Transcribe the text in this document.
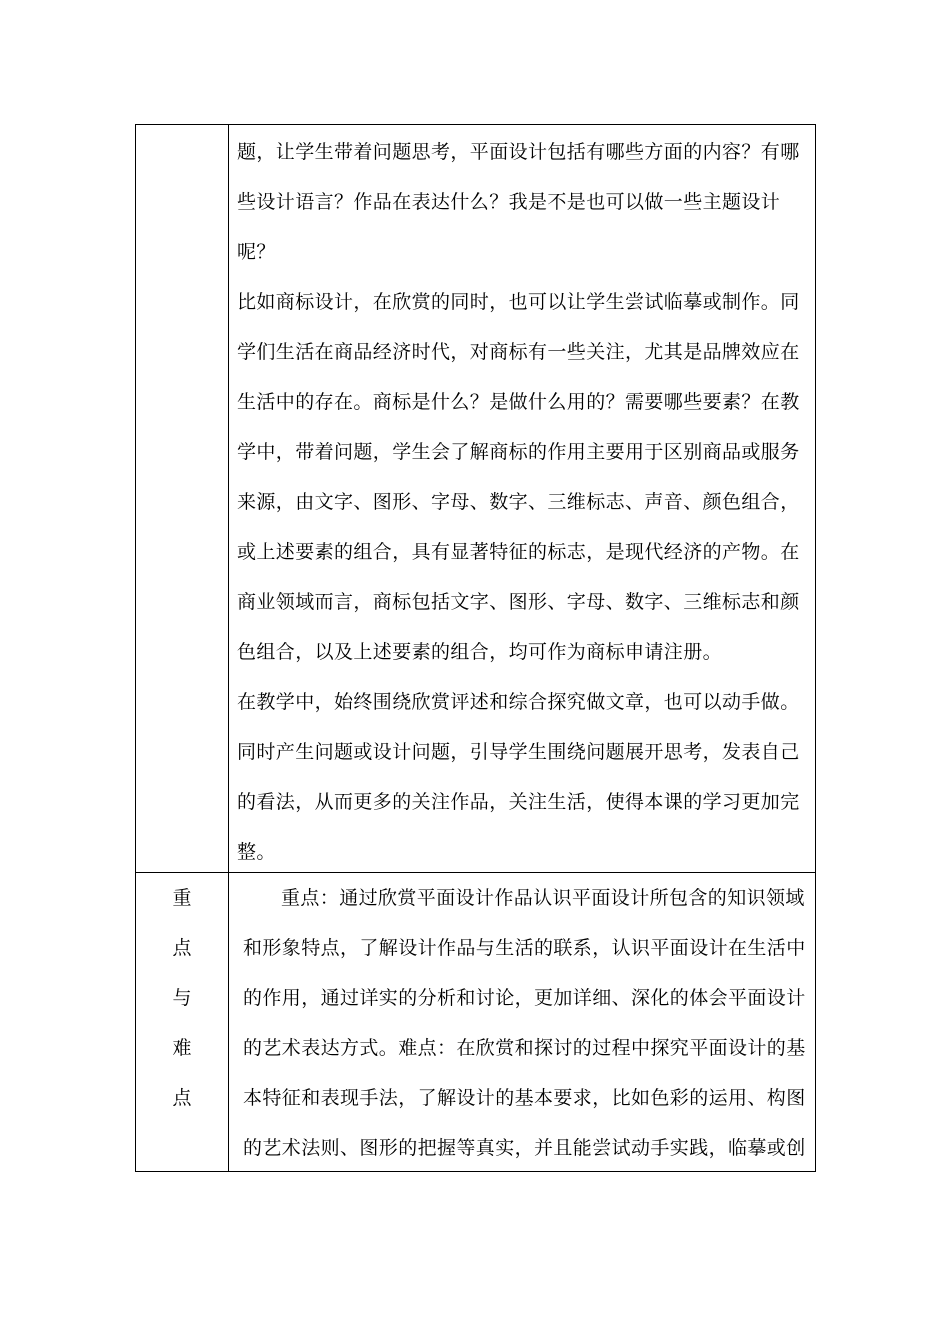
题，让学生带着问题思考，平面设计包括有哪些方面的内容？有哪
些设计语言？作品在表达什么？我是不是也可以做一些主题设计
呢？
比如商标设计，在欣赏的同时，也可以让学生尝试临摹或制作。同
学们生活在商品经济时代，对商标有一些关注，尤其是品牌效应在
生活中的存在。商标是什么？是做什么用的？需要哪些要素？在教
学中，带着问题，学生会了解商标的作用主要用于区别商品或服务
来源，由文字、图形、字母、数字、三维标志、声音、颜色组合，
或上述要素的组合，具有显著特征的标志，是现代经济的产物。在
商业领域而言，商标包括文字、图形、字母、数字、三维标志和颜
色组合，以及上述要素的组合，均可作为商标申请注册。
在教学中，始终围绕欣赏评述和综合探究做文章，也可以动手做。
同时产生问题或设计问题，引导学生围绕问题展开思考，发表自己
的看法，从而更多的关注作品，关注生活，使得本课的学习更加完
整。
重
点
与
难
点
重点：通过欣赏平面设计作品认识平面设计所包含的知识领域
和形象特点，了解设计作品与生活的联系，认识平面设计在生活中
的作用，通过详实的分析和讨论，更加详细、深化的体会平面设计
的艺术表达方式。难点：在欣赏和探讨的过程中探究平面设计的基
本特征和表现手法，了解设计的基本要求，比如色彩的运用、构图
的艺术法则、图形的把握等真实，并且能尝试动手实践，临摹或创
